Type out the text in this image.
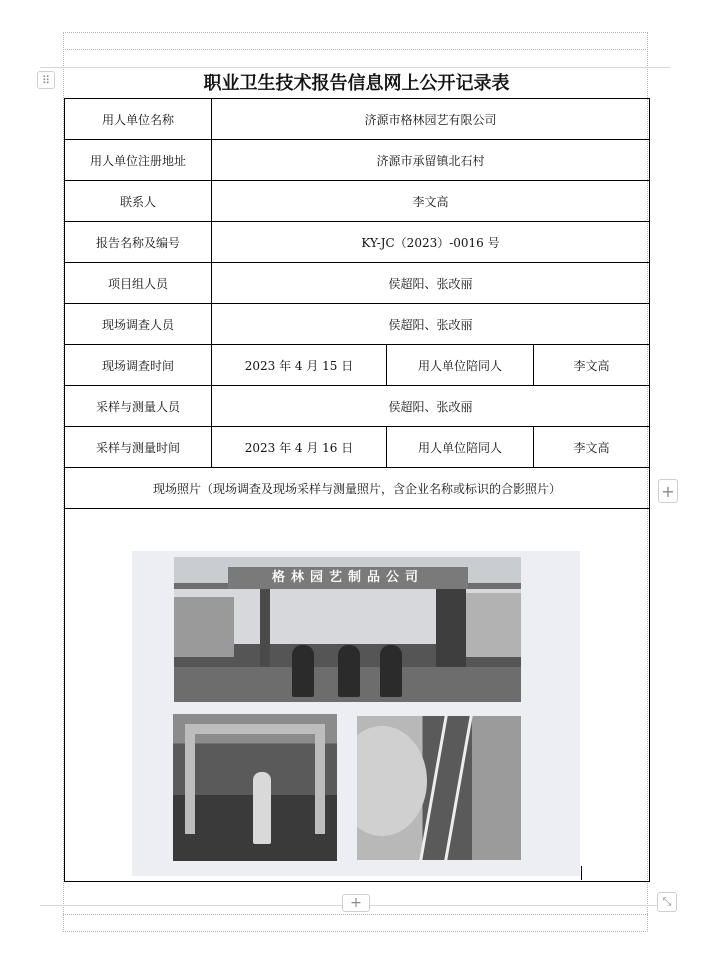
⠿
+
+	⤡
职业卫生技术报告信息网上公开记录表
用人单位名称	济源市格林园艺有限公司		
用人单位注册地址	济源市承留镇北石村		
联系人	李文高		
报告名称及编号	KY-JC（2023）-0016 号		
项目组人员	侯超阳、张改丽		
现场调查人员	侯超阳、张改丽		
现场调查时间	2023 年 4 月 15 日	用人单位陪同人	李文高
采样与测量人员	侯超阳、张改丽		
采样与测量时间	2023 年 4 月 16 日	用人单位陪同人	李文高
现场照片（现场调查及现场采样与测量照片，含企业名称或标识的合影照片）			

格林园艺制品公司			
